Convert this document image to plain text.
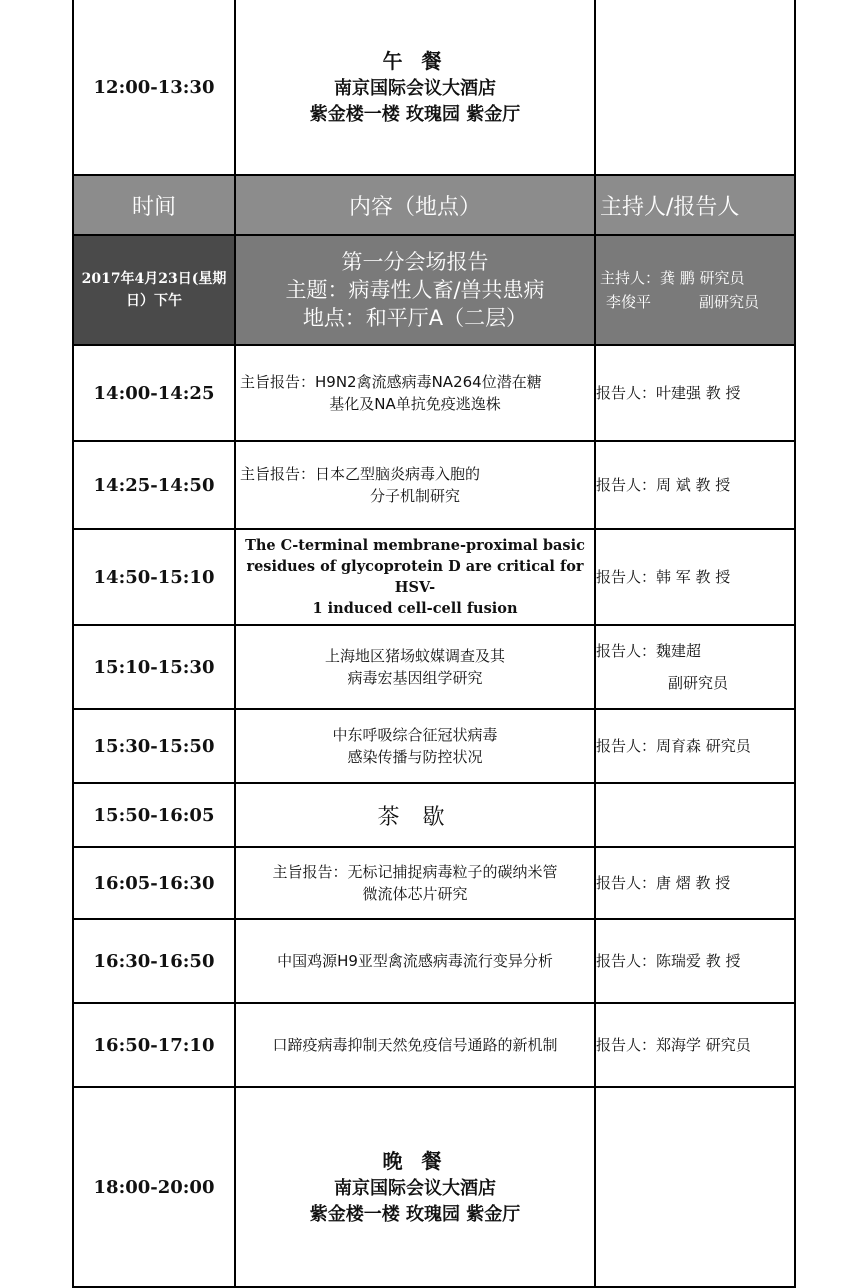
12:00-13:30	午 餐
南京国际会议大酒店
紫金楼一楼 玫瑰园 紫金厅	

时间	内容（地点）	主持人/报告人
2017年4月23日(星期日）下午	第一分会场报告
主题：病毒性人畜/兽共患病
地点：和平厅A（二层）	主持人：龚 鹏 研究员
李俊平 副研究员

14:00-14:25	主旨报告：H9N2禽流感病毒NA264位潜在糖
基化及NA单抗免疫逃逸株	报告人：叶建强 教 授
14:25-14:50	主旨报告：日本乙型脑炎病毒入胞的
分子机制研究	报告人：周 斌 教 授
14:50-15:10	The C-terminal membrane-proximal basic
residues of glycoprotein D are critical for HSV-
1 induced cell-cell fusion	报告人：韩 军 教 授
15:10-15:30	上海地区猪场蚊媒调查及其
病毒宏基因组学研究	报告人：魏建超
副研究员

15:30-15:50	中东呼吸综合征冠状病毒
感染传播与防控状况	报告人：周育森 研究员
15:50-16:05	茶 歇	
16:05-16:30	主旨报告：无标记捕捉病毒粒子的碳纳米管
微流体芯片研究	报告人：唐 熠 教 授
16:30-16:50	中国鸡源H9亚型禽流感病毒流行变异分析	报告人：陈瑞爱 教 授
16:50-17:10	口蹄疫病毒抑制天然免疫信号通路的新机制	报告人：郑海学 研究员
18:00-20:00	晚 餐
南京国际会议大酒店
紫金楼一楼 玫瑰园 紫金厅	
